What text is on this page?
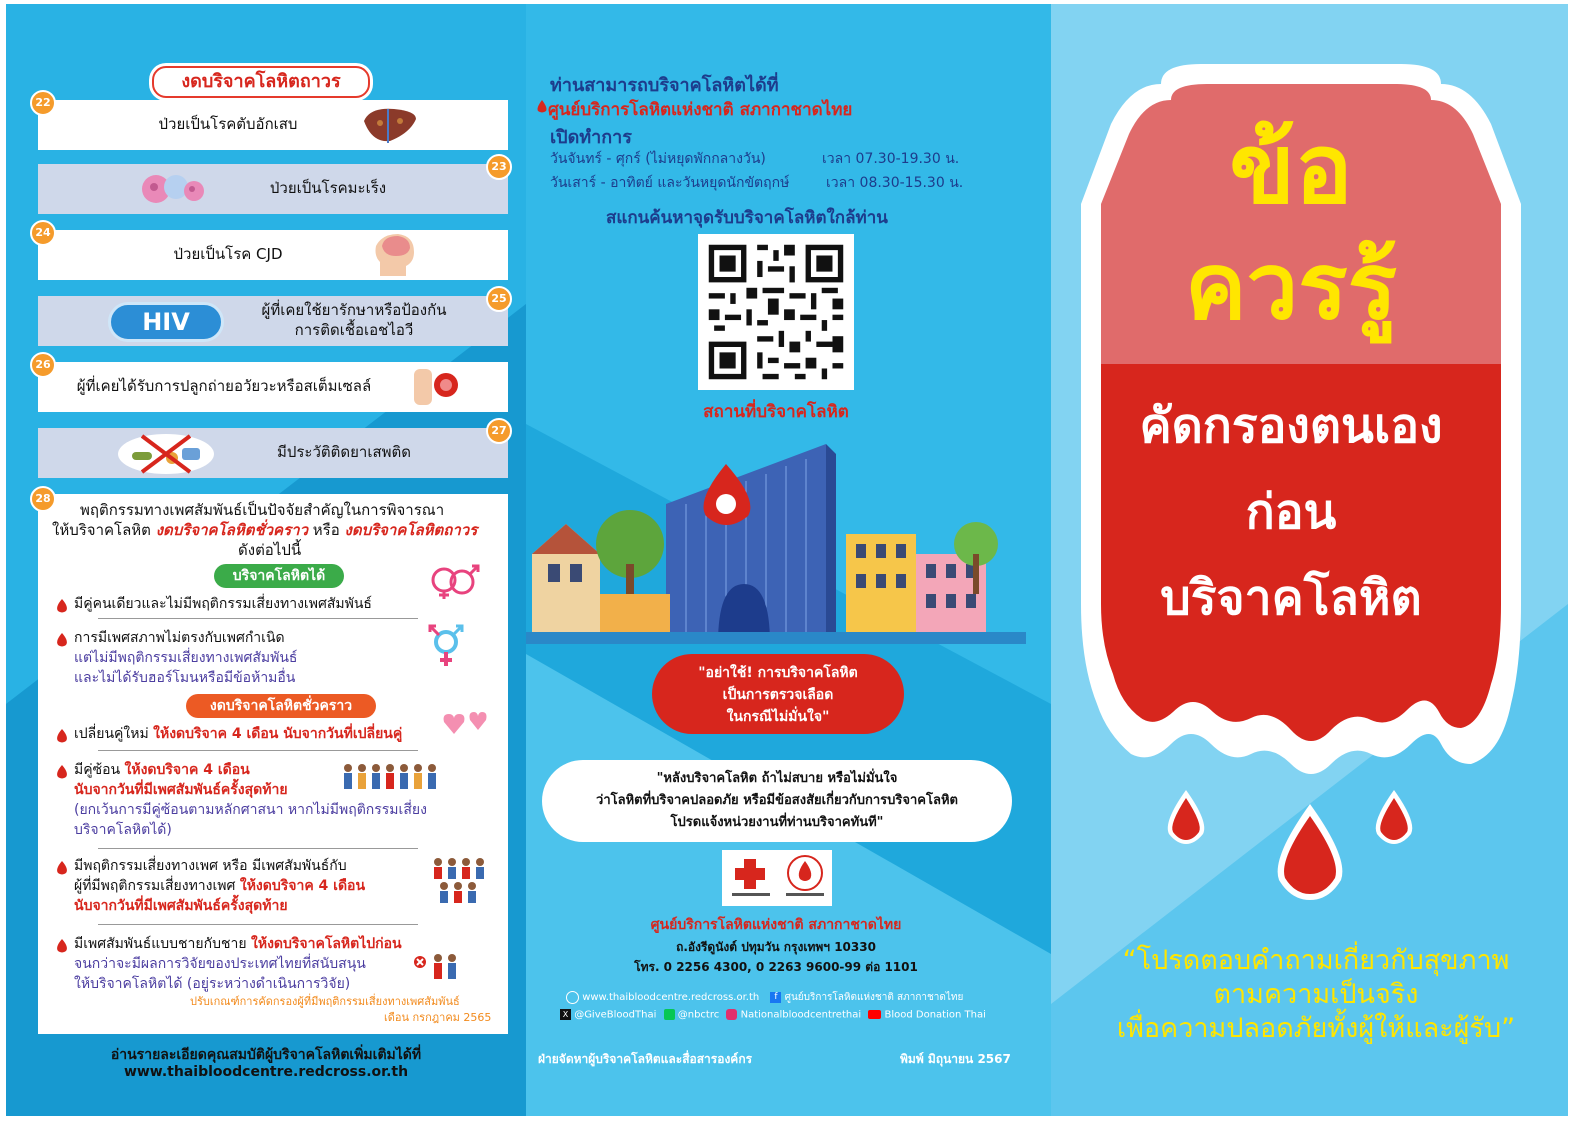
งดบริจาคโลหิตถาวร
ป่วยเป็นโรคตับอักเสบ
22
ป่วยเป็นโรคมะเร็ง
23
ป่วยเป็นโรค CJD
24
HIV	ผู้ที่เคยใช้ยารักษาหรือป้องกัน
การติดเชื้อเอชไอวี
25
ผู้ที่เคยได้รับการปลูกถ่ายอวัยวะหรือสเต็มเซลล์
26
มีประวัติติดยาเสพติด
27
พฤติกรรมทางเพศสัมพันธ์เป็นปัจจัยสำคัญในการพิจารณา
ให้บริจาคโลหิต งดบริจาคโลหิตชั่วคราว หรือ งดบริจาคโลหิตถาวร
ดังต่อไปนี้
บริจาคโลหิตได้
มีคู่คนเดียวและไม่มีพฤติกรรมเสี่ยงทางเพศสัมพันธ์
การมีเพศสภาพไม่ตรงกับเพศกำเนิด
แต่ไม่มีพฤติกรรมเสี่ยงทางเพศสัมพันธ์
และไม่ได้รับฮอร์โมนหรือมีข้อห้ามอื่น
งดบริจาคโลหิตชั่วคราว
เปลี่ยนคู่ใหม่ ให้งดบริจาค 4 เดือน นับจากวันที่เปลี่ยนคู่
มีคู่ซ้อน ให้งดบริจาค 4 เดือน
นับจากวันที่มีเพศสัมพันธ์ครั้งสุดท้าย
(ยกเว้นการมีคู่ซ้อนตามหลักศาสนา หากไม่มีพฤติกรรมเสี่ยง
บริจาคโลหิตได้)
มีพฤติกรรมเสี่ยงทางเพศ หรือ มีเพศสัมพันธ์กับ
ผู้ที่มีพฤติกรรมเสี่ยงทางเพศ ให้งดบริจาค 4 เดือน
นับจากวันที่มีเพศสัมพันธ์ครั้งสุดท้าย
มีเพศสัมพันธ์แบบชายกับชาย ให้งดบริจาคโลหิตไปก่อน
จนกว่าจะมีผลการวิจัยของประเทศไทยที่สนับสนุน
ให้บริจาคโลหิตได้ (อยู่ระหว่างดำเนินการวิจัย)
ปรับเกณฑ์การคัดกรองผู้ที่มีพฤติกรรมเสี่ยงทางเพศสัมพันธ์
เดือน กรกฎาคม 2565
28
อ่านรายละเอียดคุณสมบัติผู้บริจาคโลหิตเพิ่มเติมได้ที่
www.thaibloodcentre.redcross.or.th
ท่านสามารถบริจาคโลหิตได้ที่
ศูนย์บริการโลหิตแห่งชาติ สภากาชาดไทย
เปิดทำการ
วันจันทร์ - ศุกร์ (ไม่หยุดพักกลางวัน)	เวลา 07.30-19.30 น.
วันเสาร์ - อาทิตย์ และวันหยุดนักขัตฤกษ์	เวลา 08.30-15.30 น.
สแกนค้นหาจุดรับบริจาคโลหิตใกล้ท่าน
สถานที่บริจาคโลหิต
"อย่าใช้! การบริจาคโลหิต
เป็นการตรวจเลือด
ในกรณีไม่มั่นใจ"
"หลังบริจาคโลหิต ถ้าไม่สบาย หรือไม่มั่นใจ
ว่าโลหิตที่บริจาคปลอดภัย หรือมีข้อสงสัยเกี่ยวกับการบริจาคโลหิต
โปรดแจ้งหน่วยงานที่ท่านบริจาคทันที"
ศูนย์บริการโลหิตแห่งชาติ สภากาชาดไทย
ถ.อังรีดูนังต์ ปทุมวัน กรุงเทพฯ 10330
โทร. 0 2256 4300, 0 2263 9600-99 ต่อ 1101
www.thaibloodcentre.redcross.or.th f ศูนย์บริการโลหิตแห่งชาติ สภากาชาดไทย
X @GiveBloodThai @nbctrc Nationalbloodcentrethai Blood Donation Thai
ฝ่ายจัดหาผู้บริจาคโลหิตและสื่อสารองค์กร	พิมพ์ มิถุนายน 2567
ข้อ
ควรรู้
คัดกรองตนเอง
ก่อน
บริจาคโลหิต
“โปรดตอบคำถามเกี่ยวกับสุขภาพ
ตามความเป็นจริง
เพื่อความปลอดภัยทั้งผู้ให้และผู้รับ”
